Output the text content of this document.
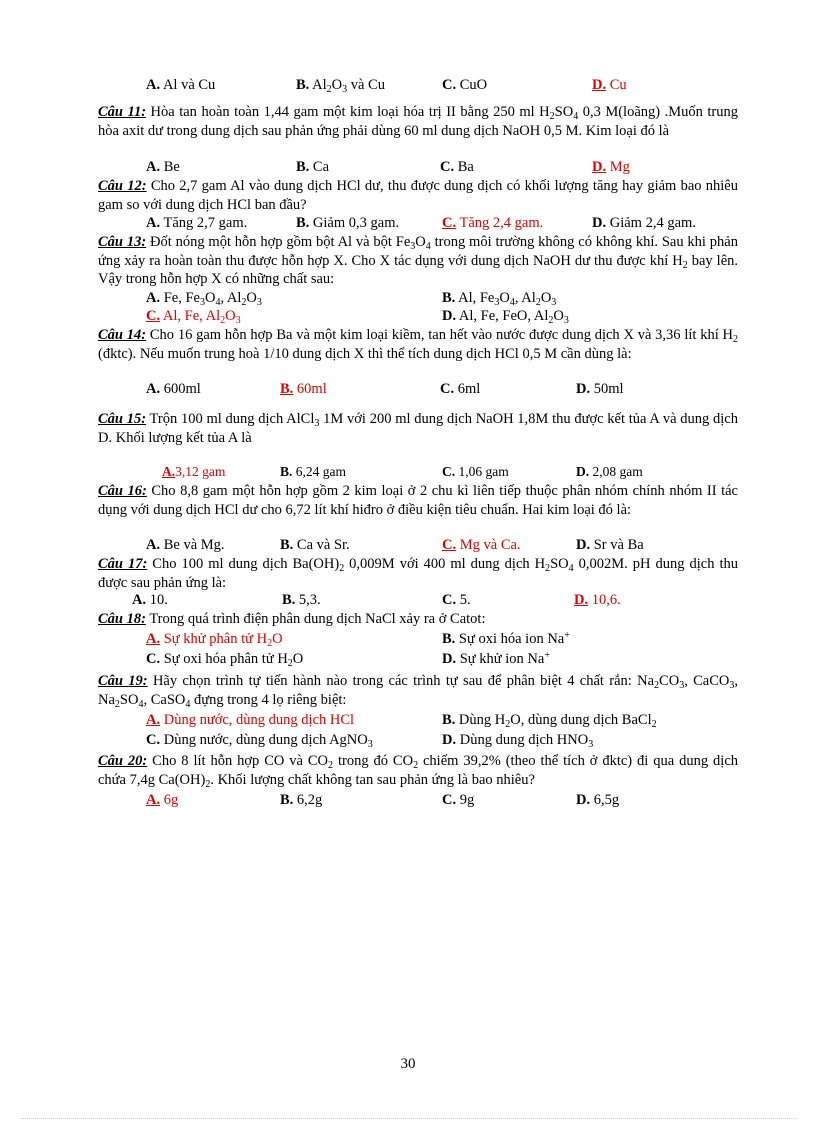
A. Al và Cu	B. $Al_2O_3$ và Cu	C. CuO	D. Cu
Câu 11: Hòa tan hoàn toàn 1,44 gam một kim loại hóa trị II bằng 250 ml $H_2SO_4$ 0,3 M(loãng) .Muốn trung hòa axit dư trong dung dịch sau phản ứng phải dùng 60 ml dung dịch NaOH 0,5 M. Kim loại đó là
A. Be	B. Ca	C. Ba	D. Mg
Câu 12: Cho 2,7 gam Al vào dung dịch HCl dư, thu được dung dịch có khối lượng tăng hay giảm bao nhiêu gam so với dung dịch HCl ban đầu?
A. Tăng 2,7 gam.	B. Giảm 0,3 gam.	C. Tăng 2,4 gam.	D. Giảm 2,4 gam.
Câu 13: Đốt nóng một hỗn hợp gồm bột Al và bột $Fe_3O_4$ trong môi trường không có không khí. Sau khi phản ứng xảy ra hoàn toàn thu được hỗn hợp X. Cho X tác dụng với dung dịch NaOH dư thu được khí $H_2$ bay lên. Vậy trong hỗn hợp X có những chất sau:
A. Fe, $Fe_3O_4$, $Al_2O_3$	B. Al, $Fe_3O_4$, $Al_2O_3$
C. Al, Fe, $Al_2O_3$	D. Al, Fe, FeO, $Al_2O_3$
Câu 14: Cho 16 gam hỗn hợp Ba và một kim loại kiềm, tan hết vào nước được dung dịch X và 3,36 lít khí $H_2$ (đktc). Nếu muốn trung hoà 1/10 dung dịch X thì thể tích dung dịch HCl 0,5 M cần dùng là:
A. 600ml	B. 60ml	C. 6ml	D. 50ml
Câu 15: Trộn 100 ml dung dịch AlCl$_3$ 1M với 200 ml dung dịch NaOH 1,8M thu được kết tủa A và dung dịch D. Khối lượng kết tủa A là
A.3,12 gam	B. 6,24 gam	C. 1,06 gam	D. 2,08 gam
Câu 16: Cho 8,8 gam một hỗn hợp gồm 2 kim loại ở 2 chu kì liên tiếp thuộc phân nhóm chính nhóm II tác dụng với dung dịch HCl dư cho 6,72 lít khí hiđro ở điều kiện tiêu chuẩn. Hai kim loại đó là:
A. Be và Mg.	B. Ca và Sr.	C. Mg và Ca.	D. Sr và Ba
Câu 17: Cho 100 ml dung dịch $Ba(OH)_2$ 0,009M với 400 ml dung dịch $H_2SO_4$ 0,002M. pH dung dịch thu được sau phản ứng là:
A. 10.	B. 5,3.	C. 5.	D. 10,6.
Câu 18: Trong quá trình điện phân dung dịch NaCl xảy ra ở Catot:
A. Sự khử phân tử $H_2O$	B. Sự oxi hóa ion Na+
C. Sự oxi hóa phân tử $H_2O$	D. Sự khử ion Na+
Câu 19: Hãy chọn trình tự tiến hành nào trong các trình tự sau để phân biệt 4 chất rắn: $Na_2CO_3$, CaCO$_3$, $Na_2SO_4$, CaSO$_4$ đựng trong 4 lọ riêng biệt:
A. Dùng nước, dùng dung dịch HCl	B. Dùng $H_2O$, dùng dung dịch BaCl$_2$
C. Dùng nước, dùng dung dịch AgNO$_3$	D. Dùng dung dịch $HNO_3$
Câu 20: Cho 8 lít hỗn hợp CO và $CO_2$ trong đó $CO_2$ chiếm 39,2% (theo thể tích ở đktc) đi qua dung dịch chứa 7,4g $Ca(OH)_2$. Khối lượng chất không tan sau phản ứng là bao nhiêu?
A. 6g	B. 6,2g	C. 9g	D. 6,5g
30
